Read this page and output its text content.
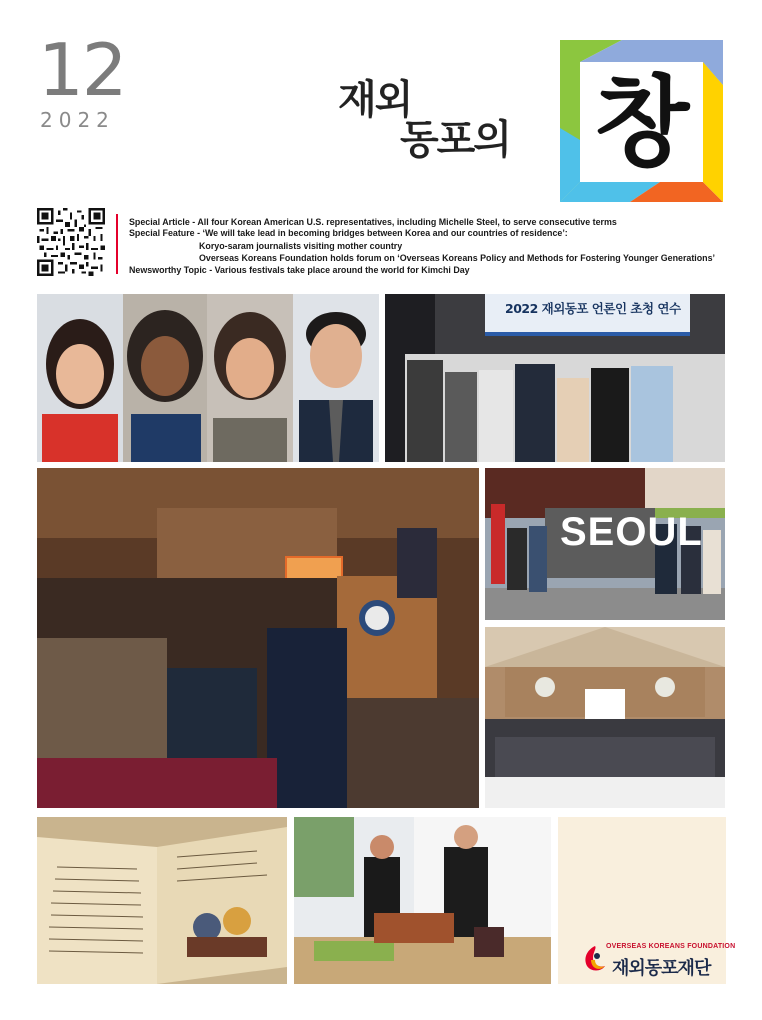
12
2022	재외
동포의 창
Special Article - All four Korean American U.S. representatives, including Michelle Steel, to serve consecutive terms
Special Feature - ‘We will take lead in becoming bridges between Korea and our countries of residence’:
Koryo-saram journalists visiting mother country
Overseas Koreans Foundation holds forum on ‘Overseas Koreans Policy and Methods for Fostering Younger Generations’
Newsworthy Topic - Various festivals take place around the world for Kimchi Day
2022 재외동포 언론인 초청 연수
SEOUL
OVERSEAS KOREANS FOUNDATION
재외동포재단
